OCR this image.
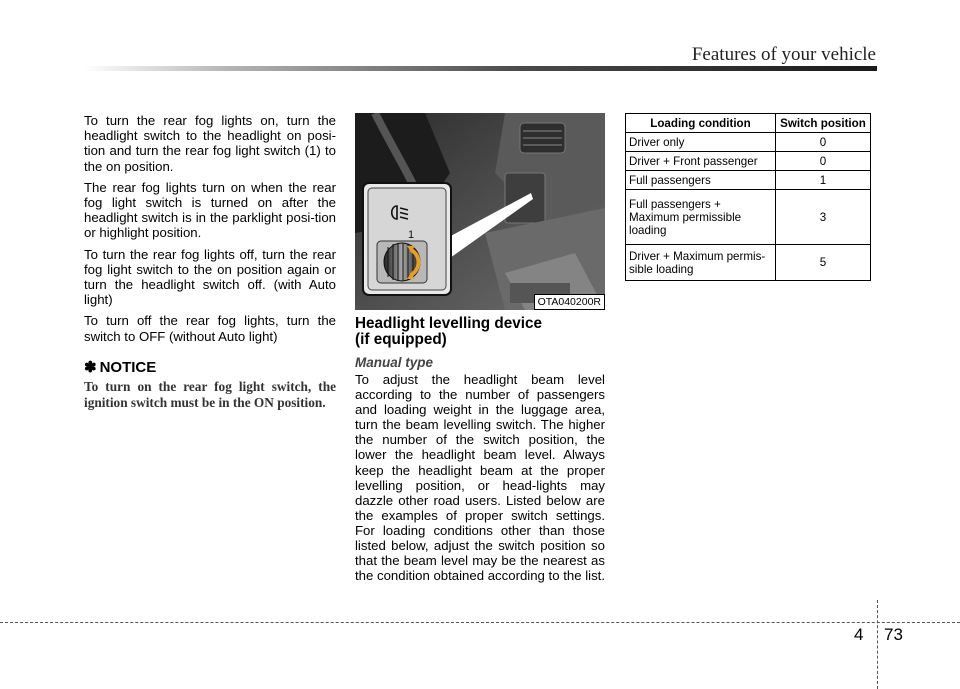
Features of your vehicle

To turn the rear fog lights on, turn the headlight switch to the headlight on posi-tion and turn the rear fog light switch (1) to the on position.

The rear fog lights turn on when the rear fog light switch is turned on after the headlight switch is in the parklight posi-tion or highlight position.

To turn the rear fog lights off, turn the rear fog light switch to the on position again or turn the headlight switch off. (with Auto light)

To turn off the rear fog lights, turn the switch to OFF (without Auto light)

✽ NOTICE
To turn on the rear fog light switch, the ignition switch must be in the ON position.
1
OTA040200R
Headlight levelling device
(if equipped)
Manual type

To adjust the headlight beam level according to the number of passengers and loading weight in the luggage area, turn the beam levelling switch. The higher the number of the switch position, the lower the headlight beam level. Always keep the headlight beam at the proper levelling position, or head-lights may dazzle other road users. Listed below are the examples of proper switch settings. For loading conditions other than those listed below, adjust the switch position so that the beam level may be the nearest as the condition obtained according to the list.

Loading condition	Switch position
Driver only	0
Driver + Front passenger	0
Full passengers	1
Full passengers + Maximum permissible loading	3
Driver + Maximum permis-sible loading	5
4 73
